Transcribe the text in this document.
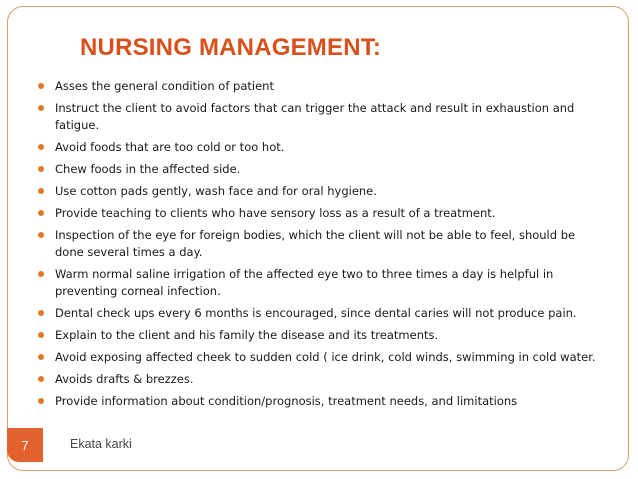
NURSING MANAGEMENT:
Asses the general condition of patient
Instruct the client to avoid factors that can trigger the attack and result in exhaustion and fatigue.
Avoid foods that are too cold or too hot.
Chew foods in the affected side.
Use cotton pads gently, wash face and for oral hygiene.
Provide teaching to clients who have sensory loss as a result of a treatment.
Inspection of the eye for foreign bodies, which the client will not be able to feel, should be done several times a day.
Warm normal saline irrigation of the affected eye two to three times a day is helpful in preventing corneal infection.
Dental check ups every 6 months is encouraged, since dental caries will not produce pain.
Explain to the client and his family the disease and its treatments.
Avoid exposing affected cheek to sudden cold ( ice drink, cold winds, swimming in cold water.
Avoids drafts & brezzes.
Provide information about condition/prognosis, treatment needs, and limitations
7	Ekata karki
